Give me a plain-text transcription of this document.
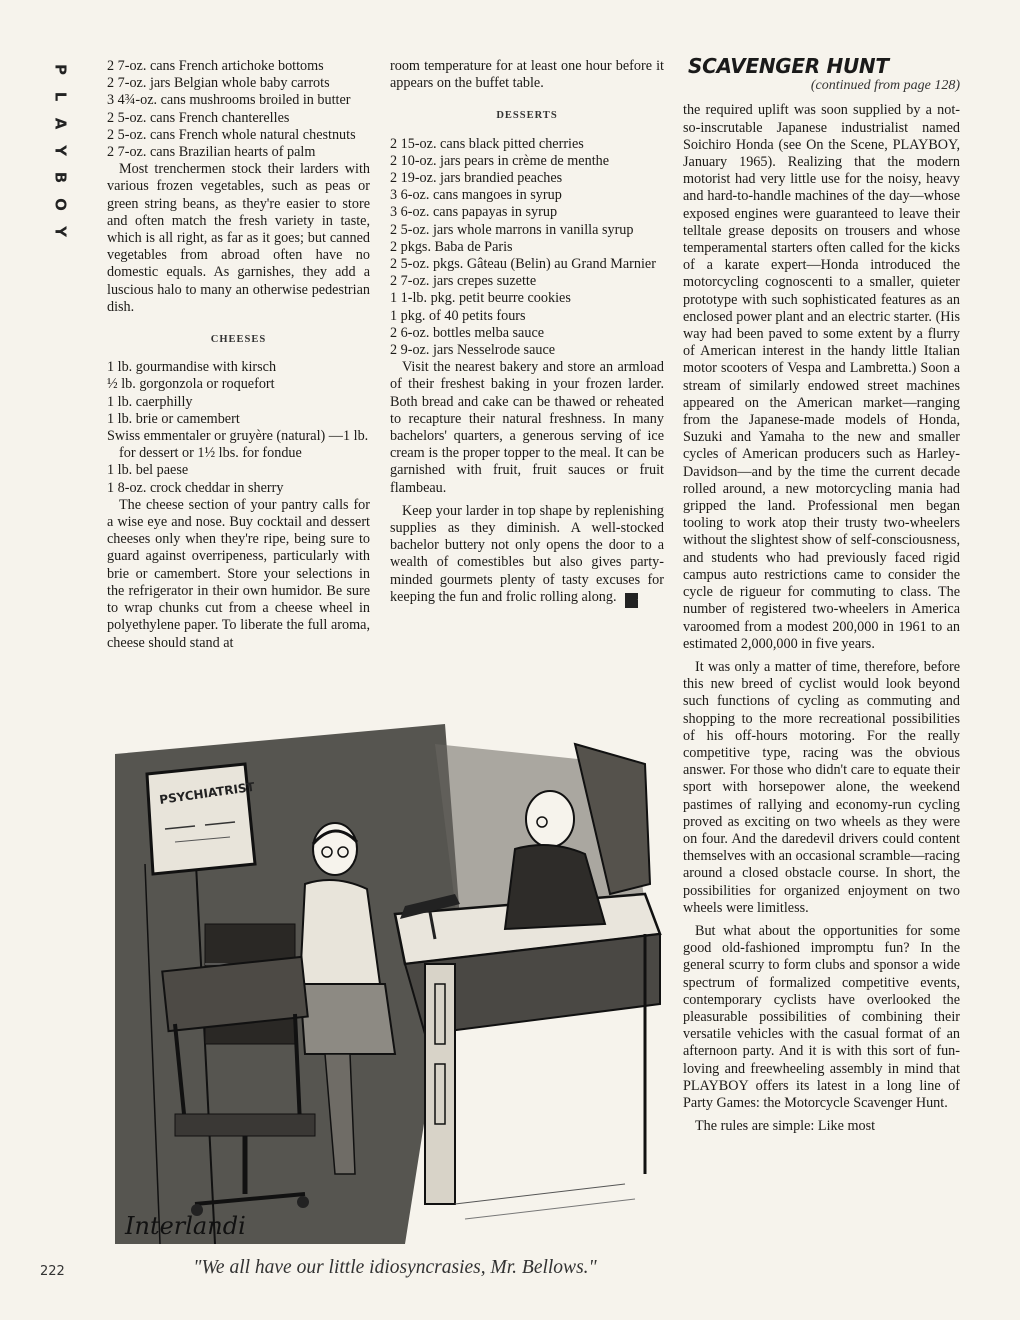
P
L
A
Y
B
O
Y
2 7-oz. cans French artichoke bottoms
2 7-oz. jars Belgian whole baby carrots
3 4¾-oz. cans mushrooms broiled in butter
2 5-oz. cans French chanterelles
2 5-oz. cans French whole natural chestnuts
2 7-oz. cans Brazilian hearts of palm

Most trenchermen stock their larders with various frozen vegetables, such as peas or green string beans, as they're easier to store and often match the fresh variety in taste, which is all right, as far as it goes; but canned vegetables from abroad often have no domestic equals. As garnishes, they add a luscious halo to many an otherwise pedestrian dish.

CHEESES
1 lb. gourmandise with kirsch
½ lb. gorgonzola or roquefort
1 lb. caerphilly
1 lb. brie or camembert
Swiss emmentaler or gruyère (natural) —1 lb. for dessert or 1½ lbs. for fondue
1 lb. bel paese
1 8-oz. crock cheddar in sherry

The cheese section of your pantry calls for a wise eye and nose. Buy cocktail and dessert cheeses only when they're ripe, being sure to guard against overripeness, particularly with brie or camembert. Store your selections in the refrigerator in their own humidor. Be sure to wrap chunks cut from a cheese wheel in polyethylene paper. To liberate the full aroma, cheese should stand at

room temperature for at least one hour before it appears on the buffet table.

DESSERTS
2 15-oz. cans black pitted cherries
2 10-oz. jars pears in crème de menthe
2 19-oz. jars brandied peaches
3 6-oz. cans mangoes in syrup
3 6-oz. cans papayas in syrup
2 5-oz. jars whole marrons in vanilla syrup
2 pkgs. Baba de Paris
2 5-oz. pkgs. Gâteau (Belin) au Grand Marnier
2 7-oz. jars crepes suzette
1 1-lb. pkg. petit beurre cookies
1 pkg. of 40 petits fours
2 6-oz. bottles melba sauce
2 9-oz. jars Nesselrode sauce

Visit the nearest bakery and store an armload of their freshest baking in your frozen larder. Both bread and cake can be thawed or reheated to recapture their natural freshness. In many bachelors' quarters, a generous serving of ice cream is the proper topper to the meal. It can be garnished with fruit, fruit sauces or fruit flambeau.

Keep your larder in top shape by replenishing supplies as they diminish. A well-stocked bachelor buttery not only opens the door to a wealth of comestibles but also gives party-minded gourmets plenty of tasty excuses for keeping the fun and frolic rolling along. ✦

SCAVENGER HUNT
(continued from page 128)

the required uplift was soon supplied by a not-so-inscrutable Japanese industrialist named Soichiro Honda (see On the Scene, PLAYBOY, January 1965). Realizing that the modern motorist had very little use for the noisy, heavy and hard-to-handle machines of the day—whose exposed engines were guaranteed to leave their telltale grease deposits on trousers and whose temperamental starters often called for the kicks of a karate expert—Honda introduced the motorcycling cognoscenti to a smaller, quieter prototype with such sophisticated features as an enclosed power plant and an electric starter. (His way had been paved to some extent by a flurry of American interest in the handy little Italian motor scooters of Vespa and Lambretta.) Soon a stream of similarly endowed street machines appeared on the American market—ranging from the Japanese-made models of Honda, Suzuki and Yamaha to the new and smaller cycles of American producers such as Harley-Davidson—and by the time the current decade rolled around, a new motorcycling mania had gripped the land. Professional men began tooling to work atop their trusty two-wheelers without the slightest show of self-consciousness, and students who had previously faced rigid campus auto restrictions came to consider the cycle de rigueur for commuting to class. The number of registered two-wheelers in America varoomed from a modest 200,000 in 1961 to an estimated 2,000,000 in five years.

It was only a matter of time, therefore, before this new breed of cyclist would look beyond such functions of cycling as commuting and shopping to the more recreational possibilities of his off-hours motoring. For the really competitive type, racing was the obvious answer. For those who didn't care to equate their sport with horsepower alone, the weekend pastimes of rallying and economy-run cycling proved as exciting on two wheels as they were on four. And the daredevil drivers could content themselves with an occasional scramble—racing around a closed obstacle course. In short, the possibilities for organized enjoyment on two wheels were limitless.

But what about the opportunities for some good old-fashioned impromptu fun? In the general scurry to form clubs and sponsor a wide spectrum of formalized competitive events, contemporary cyclists have overlooked the pleasurable possibilities of combining their versatile vehicles with the casual format of an afternoon party. And it is with this sort of fun-loving and freewheeling assembly in mind that PLAYBOY offers its latest in a long line of Party Games: the Motorcycle Scavenger Hunt.

The rules are simple: Like most

PSYCHIATRIST
Interlandi
"We all have our little idiosyncrasies, Mr. Bellows."
222
